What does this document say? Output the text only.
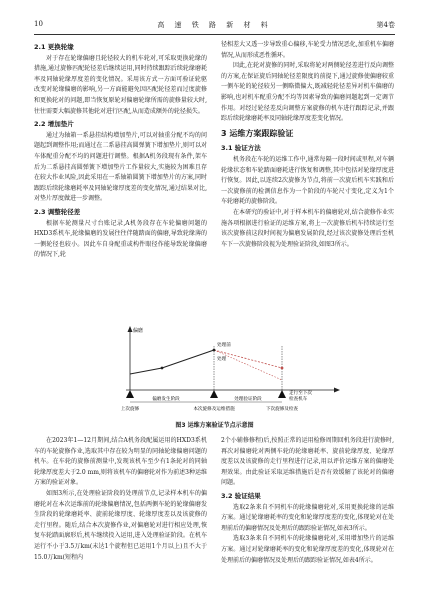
10	高 速 铁 路 新 材 料	第4卷
2.1 更换轮缘

对于存在轮缘偏磨且轮径较大的机车轮对,可采取更换轮缘的措施,通过旋修匹配轮径差后继续运用,同时持续跟踪后续轮缘磨耗率及同轴轮缘厚度差的变化情况。采用该方式一方面可验证轮驱改变对轮缘偏磨的影响,另一方面能避免因匹配轮径差而过度旋修和更换轮对的问题,即当恢复原轮对偏磨轮缘所需的旋修量较大时,往往需要大幅旋修其他轮对进行匹配,从而造成额外的轮径损失。

2.2 增加垫片

通过为轴箱一系悬挂结构增加垫片,可以对轴重分配不均的问题起到调整作用;而通过在二系悬挂高圆弹簧下增加垫片,则可以对车体配重分配不均的问题进行调整。根据A机务段现有条件,架车后为二系悬挂高圆弹簧下增加垫片工作量较大,实施较为困难且存在较大作业风险,因此采用在一系轴箱圆簧下增加垫片的方案,同时跟踪后续轮缘磨耗率及同轴轮缘厚度差的变化情况,通过结果对比,对垫片厚度做进一步调整。

2.3 调整轮径差

根据车轮测量尺寸台账记录,A机务段存在车轮偏磨问题的HXD3系机车,轮缘偏磨的发展往往伴随踏面的偏磨,导致轮缘薄的一侧轮径也较小。因此车自身配重或构件眼径作能导致轮缘偏磨的情况下,轮

径相差大又透一步导致重心偏移,车轮受力情况恶化,加重机车偏磨情况,从而形成恶性循环。

因此,在轮对旋修的同时,采取将轮对两侧轮径差进行反向调整的方案,在保证旋后同轴轮径差限度的前提下,通过旋修使偏磨较重一侧车轮的轮径较另一侧略微偏大,既减轻轮径差异对机车偏磨的影响,也对机车配重分配不均等因素导致的偏磨问题起到一定调节作用。对经过轮径差反向调整方案旋修的机车进行跟踪记录,并跟踪后续轮缘磨耗率及同轴轮缘厚度差变化情况。

3 运维方案跟踪验证
3.1 验证方法

机务段在车轮的运维工作中,通常每隔一段时间或里程,对车辆轮缘状态和车轮踏面磨耗进行恢复和调整,其中包括对轮缘厚度进行恢复。因此,以连续2次旋修为节点,将前一次旋后机车实践和后一次旋修前的检测信息作为一个阶段的车轮尺寸变化,定义为1个车轮磨耗的旋修阶段。

在本研究的验证中,对于样本机车的偏磨轮对,结合旋修作业实施各项根据进行验证的运维方案,将上一次旋修后机车持续运行至该次旋修前这段时间视为偏磨发展阶段,经过该次旋修处理后至机车下一次旋修阶段视为处理验证阶段,如图3所示。

偏磨
处理前
处理
偏磨发生阶段	处理验证阶段
走行至下次
检查机车
上次旋修	本次旋修及运维措施	下次旋修及检查
图3 运维方案验证节点示意图

在2023年1—12月期间,结合A机务段配属运用的HXD3系机车的车轮旋修作业,选取其中存在较为明显的同轴轮缘偏磨问题的机车。在车轮的旋修前测量中,发现该机车至少有1条轮对的同轴轮缘厚度差大于2.0 mm,则将该机车的偏磨轮对作为前述3种运维方案的验证对象。

如图3所示,在处理验证阶段的处理前节点,记录样本机车的偏磨轮对在本次运维前的轮缘偏磨情况,包括两侧车轮的轮缘偏磨发生阶段的轮缘磨耗率、旋前轮缘厚度、轮缘厚度差以及该旋修的走行里程。随后,结合本次旋修作业,对偏磨轮对进行相应处理,恢复车轮踏面廓形后,机车继续投入运用,进入处理验证阶段。在机车运行不小于3.5万km(未达1个旋程但已运用1个月以上)且不大于15.0万km(短程内

2个小辅修修程)后,按照正常的运用检修周期回机务段进行旋修时,再次对偏磨轮对两侧车轮的轮缘磨耗率、旋前轮缘厚度、轮缘厚度差以及该旋修的走行里程进行记录,用以评价运维方案的偏磨处理效果。由此验证采取运维措施后是否有效缓解了该轮对的偏磨问题。

3.2 验证结果

选取2条来自不同机车的轮缘偏磨轮对,采用更换轮缘的运维方案。通过轮缘磨耗率的变化和轮缘厚度差的变化,体现轮对在处理前后的偏磨情况及处理后的跟踪验证情况,如表3所示。

选取3条来自不同机车的轮缘偏磨轮对,采用增加垫片的运维方案。通过对轮缘磨耗率的变化和轮缘厚度差的变化,体现轮对在处理前后的偏磨情况及处理后的跟踪验证情况,如表4所示。
